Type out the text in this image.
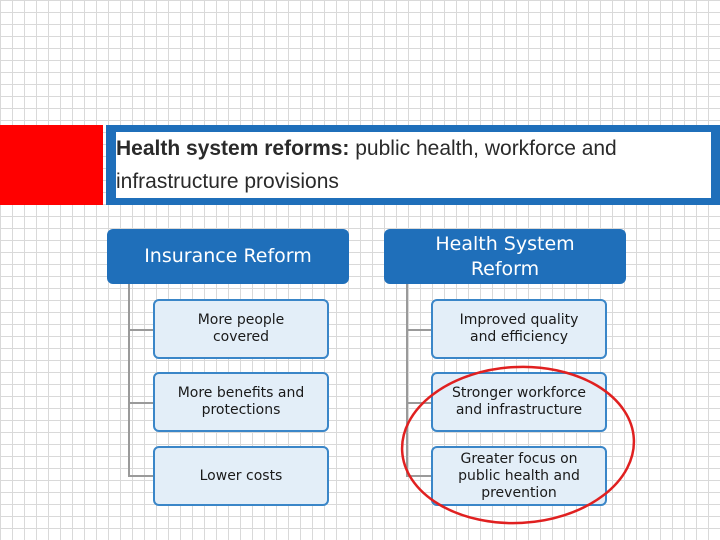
Health system reforms: public health, workforce and infrastructure provisions
Insurance Reform
More people
covered
More benefits and
protections
Lower costs
Health System
Reform
Improved quality
and efficiency
Stronger workforce
and infrastructure
Greater focus on
public health and
prevention
